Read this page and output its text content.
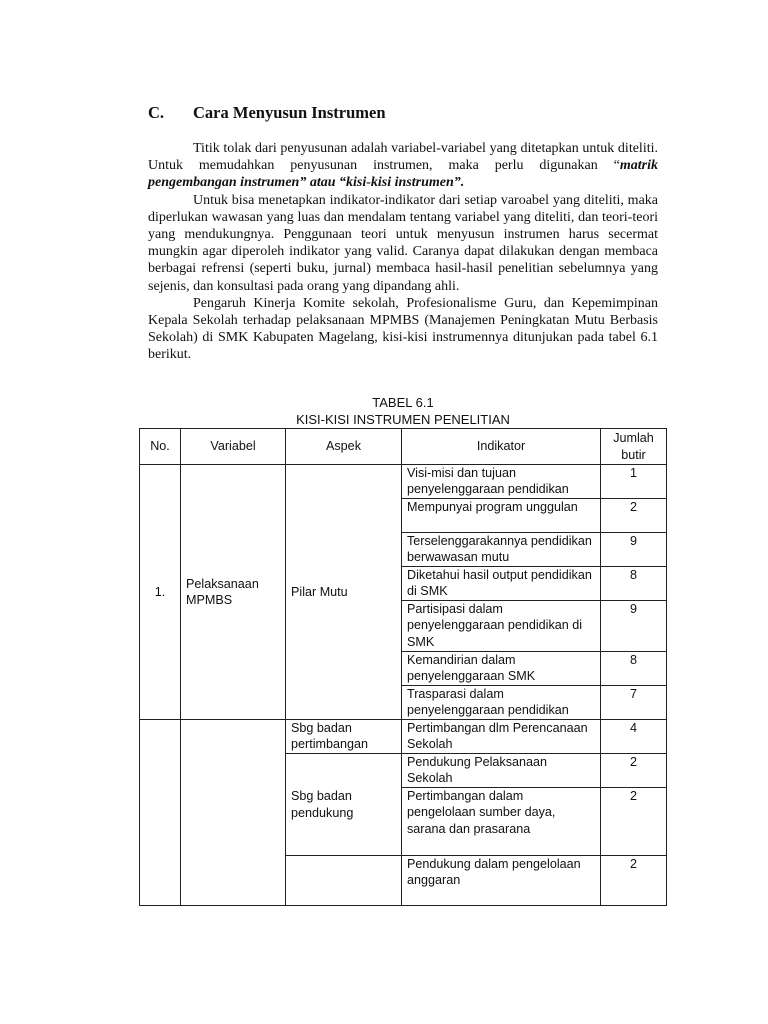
C. Cara Menyusun Instrumen

Titik tolak dari penyusunan adalah variabel-variabel yang ditetapkan untuk diteliti. Untuk memudahkan penyusunan instrumen, maka perlu digunakan “matrik pengembangan instrumen” atau “kisi-kisi instrumen”.

Untuk bisa menetapkan indikator-indikator dari setiap varoabel yang diteliti, maka diperlukan wawasan yang luas dan mendalam tentang variabel yang diteliti, dan teori-teori yang mendukungnya. Penggunaan teori untuk menyusun instrumen harus secermat mungkin agar diperoleh indikator yang valid. Caranya dapat dilakukan dengan membaca berbagai refrensi (seperti buku, jurnal) membaca hasil-hasil penelitian sebelumnya yang sejenis, dan konsultasi pada orang yang dipandang ahli.

Pengaruh Kinerja Komite sekolah, Profesionalisme Guru, dan Kepemimpinan Kepala Sekolah terhadap pelaksanaan MPMBS (Manajemen Peningkatan Mutu Berbasis Sekolah) di SMK Kabupaten Magelang, kisi-kisi instrumennya ditunjukan pada tabel 6.1 berikut.

TABEL 6.1
KISI-KISI INSTRUMEN PENELITIAN
No.	Variabel	Aspek	Indikator	Jumlah butir
1.	Pelaksanaan MPMBS	Pilar Mutu	Visi-misi dan tujuan penyelenggaraan pendidikan	1
			Mempunyai program unggulan	2
			Terselenggarakannya pendidikan berwawasan mutu	9
			Diketahui hasil output pendidikan di SMK	8
			Partisipasi dalam penyelenggaraan pendidikan di SMK	9
			Kemandirian dalam penyelenggaraan SMK	8
			Trasparasi dalam penyelenggaraan pendidikan	7
		Sbg badan pertimbangan	Pertimbangan dlm Perencanaan Sekolah	4
		Sbg badan pendukung	Pendukung Pelaksanaan Sekolah	2
			Pertimbangan dalam pengelolaan sumber daya, sarana dan prasarana	2
			Pendukung dalam pengelolaan anggaran	2
